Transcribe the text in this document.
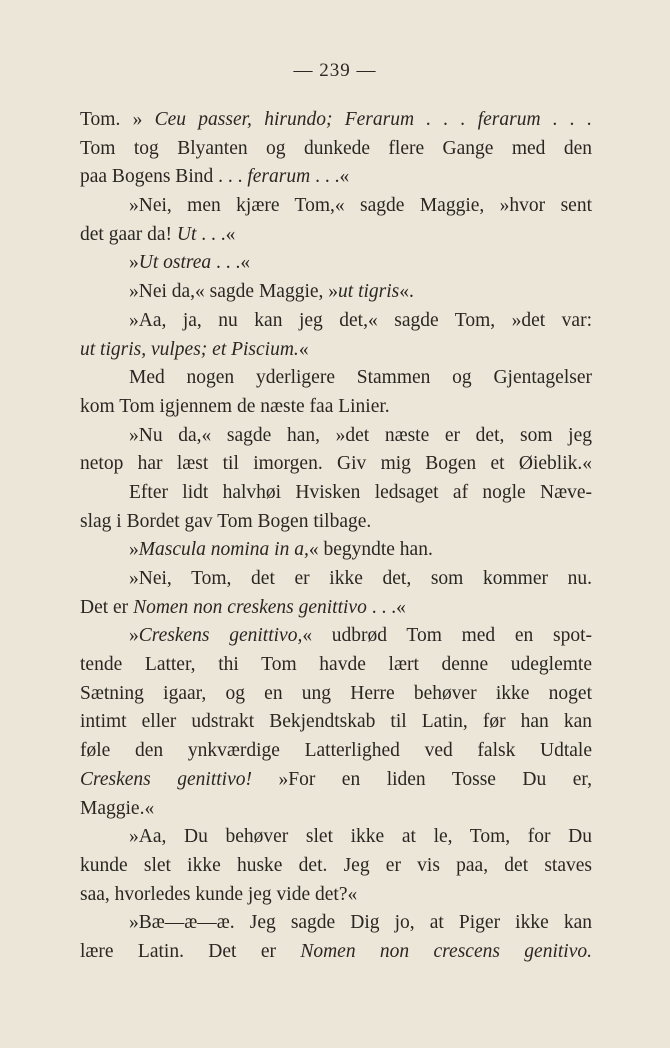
— 239 —
Tom. » Ceu passer, hirundo; Ferarum . . . ferarum . . .
Tom tog Blyanten og dunkede flere Gange med den
paa Bogens Bind . . . ferarum . . .«
»Nei, men kjære Tom,« sagde Maggie, »hvor sent
det gaar da! Ut . . .«
»Ut ostrea . . .«
»Nei da,« sagde Maggie, »ut tigris«.
»Aa, ja, nu kan jeg det,« sagde Tom, »det var:
ut tigris, vulpes; et Piscium.«
Med nogen yderligere Stammen og Gjentagelser
kom Tom igjennem de næste faa Linier.
»Nu da,« sagde han, »det næste er det, som jeg
netop har læst til imorgen. Giv mig Bogen et Øieblik.«
Efter lidt halvhøi Hvisken ledsaget af nogle Næve-
slag i Bordet gav Tom Bogen tilbage.
»Mascula nomina in a,« begyndte han.
»Nei, Tom, det er ikke det, som kommer nu.
Det er Nomen non creskens genittivo . . .«
»Creskens genittivo,« udbrød Tom med en spot-
tende Latter, thi Tom havde lært denne udeglemte
Sætning igaar, og en ung Herre behøver ikke noget
intimt eller udstrakt Bekjendtskab til Latin, før han kan
føle den ynkværdige Latterlighed ved falsk Udtale
Creskens genittivo! »For en liden Tosse Du er,
Maggie.«
»Aa, Du behøver slet ikke at le, Tom, for Du
kunde slet ikke huske det. Jeg er vis paa, det staves
saa, hvorledes kunde jeg vide det?«
»Bæ—æ—æ. Jeg sagde Dig jo, at Piger ikke kan
lære Latin. Det er Nomen non crescens genitivo.
